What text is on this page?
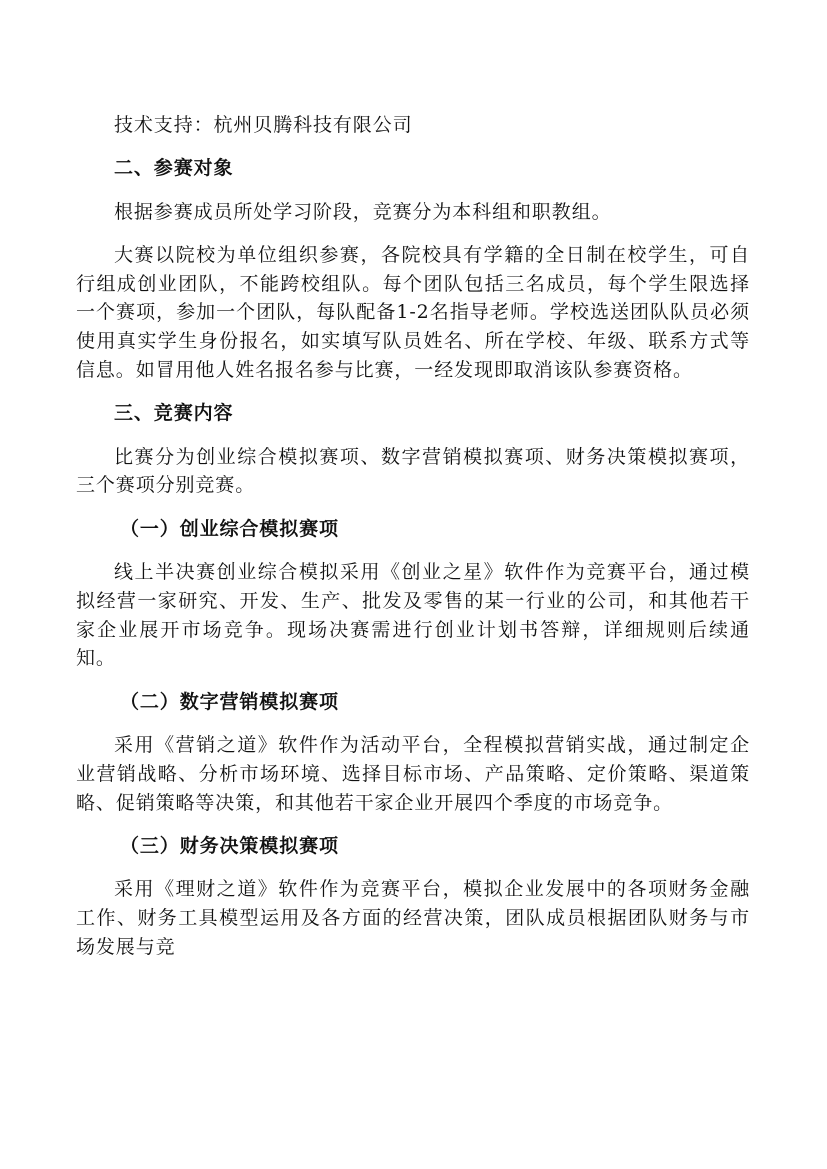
技术支持：杭州贝腾科技有限公司

二、参赛对象

根据参赛成员所处学习阶段，竞赛分为本科组和职教组。

大赛以院校为单位组织参赛，各院校具有学籍的全日制在校学生，可自行组成创业团队，不能跨校组队。每个团队包括三名成员，每个学生限选择一个赛项，参加一个团队，每队配备1-2名指导老师。学校选送团队队员必须使用真实学生身份报名，如实填写队员姓名、所在学校、年级、联系方式等信息。如冒用他人姓名报名参与比赛，一经发现即取消该队参赛资格。

三、竞赛内容

比赛分为创业综合模拟赛项、数字营销模拟赛项、财务决策模拟赛项，三个赛项分别竞赛。

（一）创业综合模拟赛项

线上半决赛创业综合模拟采用《创业之星》软件作为竞赛平台，通过模拟经营一家研究、开发、生产、批发及零售的某一行业的公司，和其他若干家企业展开市场竞争。现场决赛需进行创业计划书答辩，详细规则后续通知。

（二）数字营销模拟赛项

采用《营销之道》软件作为活动平台，全程模拟营销实战，通过制定企业营销战略、分析市场环境、选择目标市场、产品策略、定价策略、渠道策略、促销策略等决策，和其他若干家企业开展四个季度的市场竞争。

（三）财务决策模拟赛项

采用《理财之道》软件作为竞赛平台，模拟企业发展中的各项财务金融工作、财务工具模型运用及各方面的经营决策，团队成员根据团队财务与市场发展与竞
